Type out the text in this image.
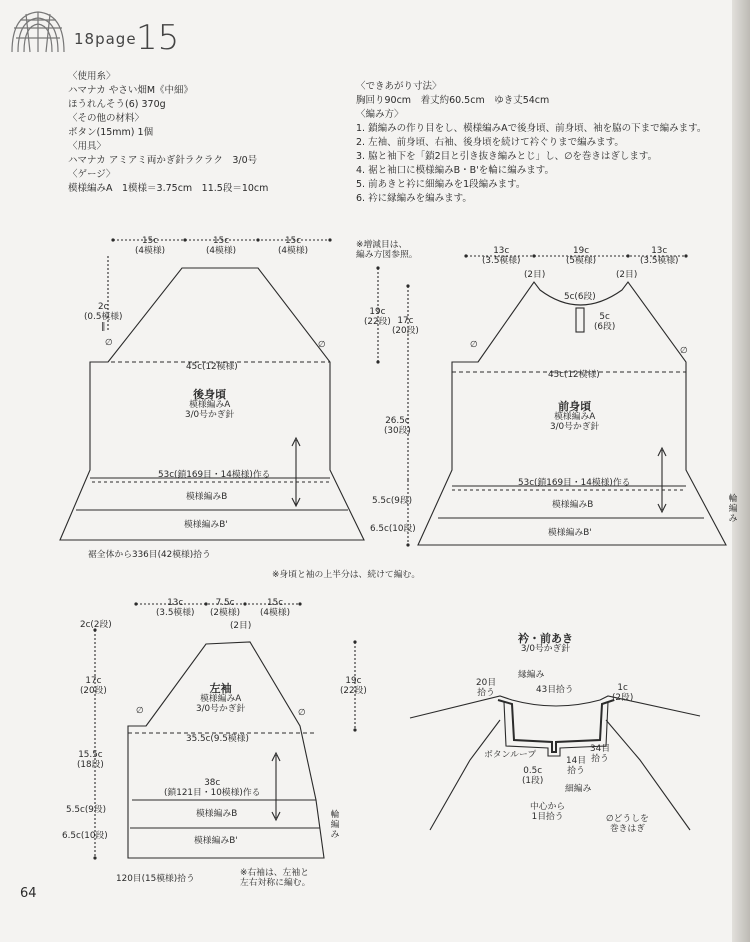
18page 15
〈使用糸〉
ハマナカ やさい畑M《中細》
ほうれんそう(6) 370g
〈その他の材料〉
ボタン(15mm) 1個
〈用具〉
ハマナカ アミアミ両かぎ針ラクラク　3/0号
〈ゲージ〉
模様編みA　1模様＝3.75cm　11.5段＝10cm
〈できあがり寸法〉
胸回り90cm　着丈約60.5cm　ゆき丈54cm
〈編み方〉
1. 鎖編みの作り目をし、模様編みAで後身頃、前身頃、袖を脇の下まで編みます。
2. 左袖、前身頃、右袖、後身頃を続けて衿ぐりまで編みます。
3. 脇と袖下を「鎖2目と引き抜き編みとじ」し、∅を巻きはぎします。
4. 裾と袖口に模様編みB・B'を輪に編みます。
5. 前あきと衿に細編みを1段編みます。
6. 衿に縁編みを編みます。
15c
(4模様)
15c
(4模様)
15c
(4模様)
2c
(0.5模様)
‖
∅	∅
45c(12模様)
後身頃
模様編みA
3/0号かぎ針
53c(鎖169目・14模様)作る
模様編みB
模様編みB'
裾全体から336目(42模様)拾う
※増減目は、
編み方図参照。
19c
(22段) 17c
(20段)
26.5c
(30段)
5.5c(9段)
6.5c(10段)
13c
(3.5模様)
19c
(5模様)
13c
(3.5模様)
(2目)	(2目)
5c(6段)
5c
(6段)
∅
∅
45c(12模様)
前身頃
模様編みA
3/0号かぎ針
53c(鎖169目・14模様)作る
模様編みB
模様編みB'
輪編み
※身頃と袖の上半分は、続けて編む。
13c
(3.5模様)
7.5c
(2模様)
15c
(4模様)
(2目)
2c(2段)
17c
(20段)
15.5c
(18段)
5.5c(9段)
6.5c(10段)
19c
(22段)
∅	∅
35.5c(9.5模様)
左袖
模様編みA
3/0号かぎ針
38c
(鎖121目・10模様)作る
模様編みB
模様編みB'
輪編み
120目(15模様)拾う
※右袖は、左袖と
左右対称に編む。
衿・前あき
3/0号かぎ針
縁編み
43目拾う
20目
拾う	1c
(2段)
ボタンループ
14目
拾う
34目
拾う
0.5c
(1段)
細編み
中心から
1目拾う	∅どうしを
巻きはぎ
64
